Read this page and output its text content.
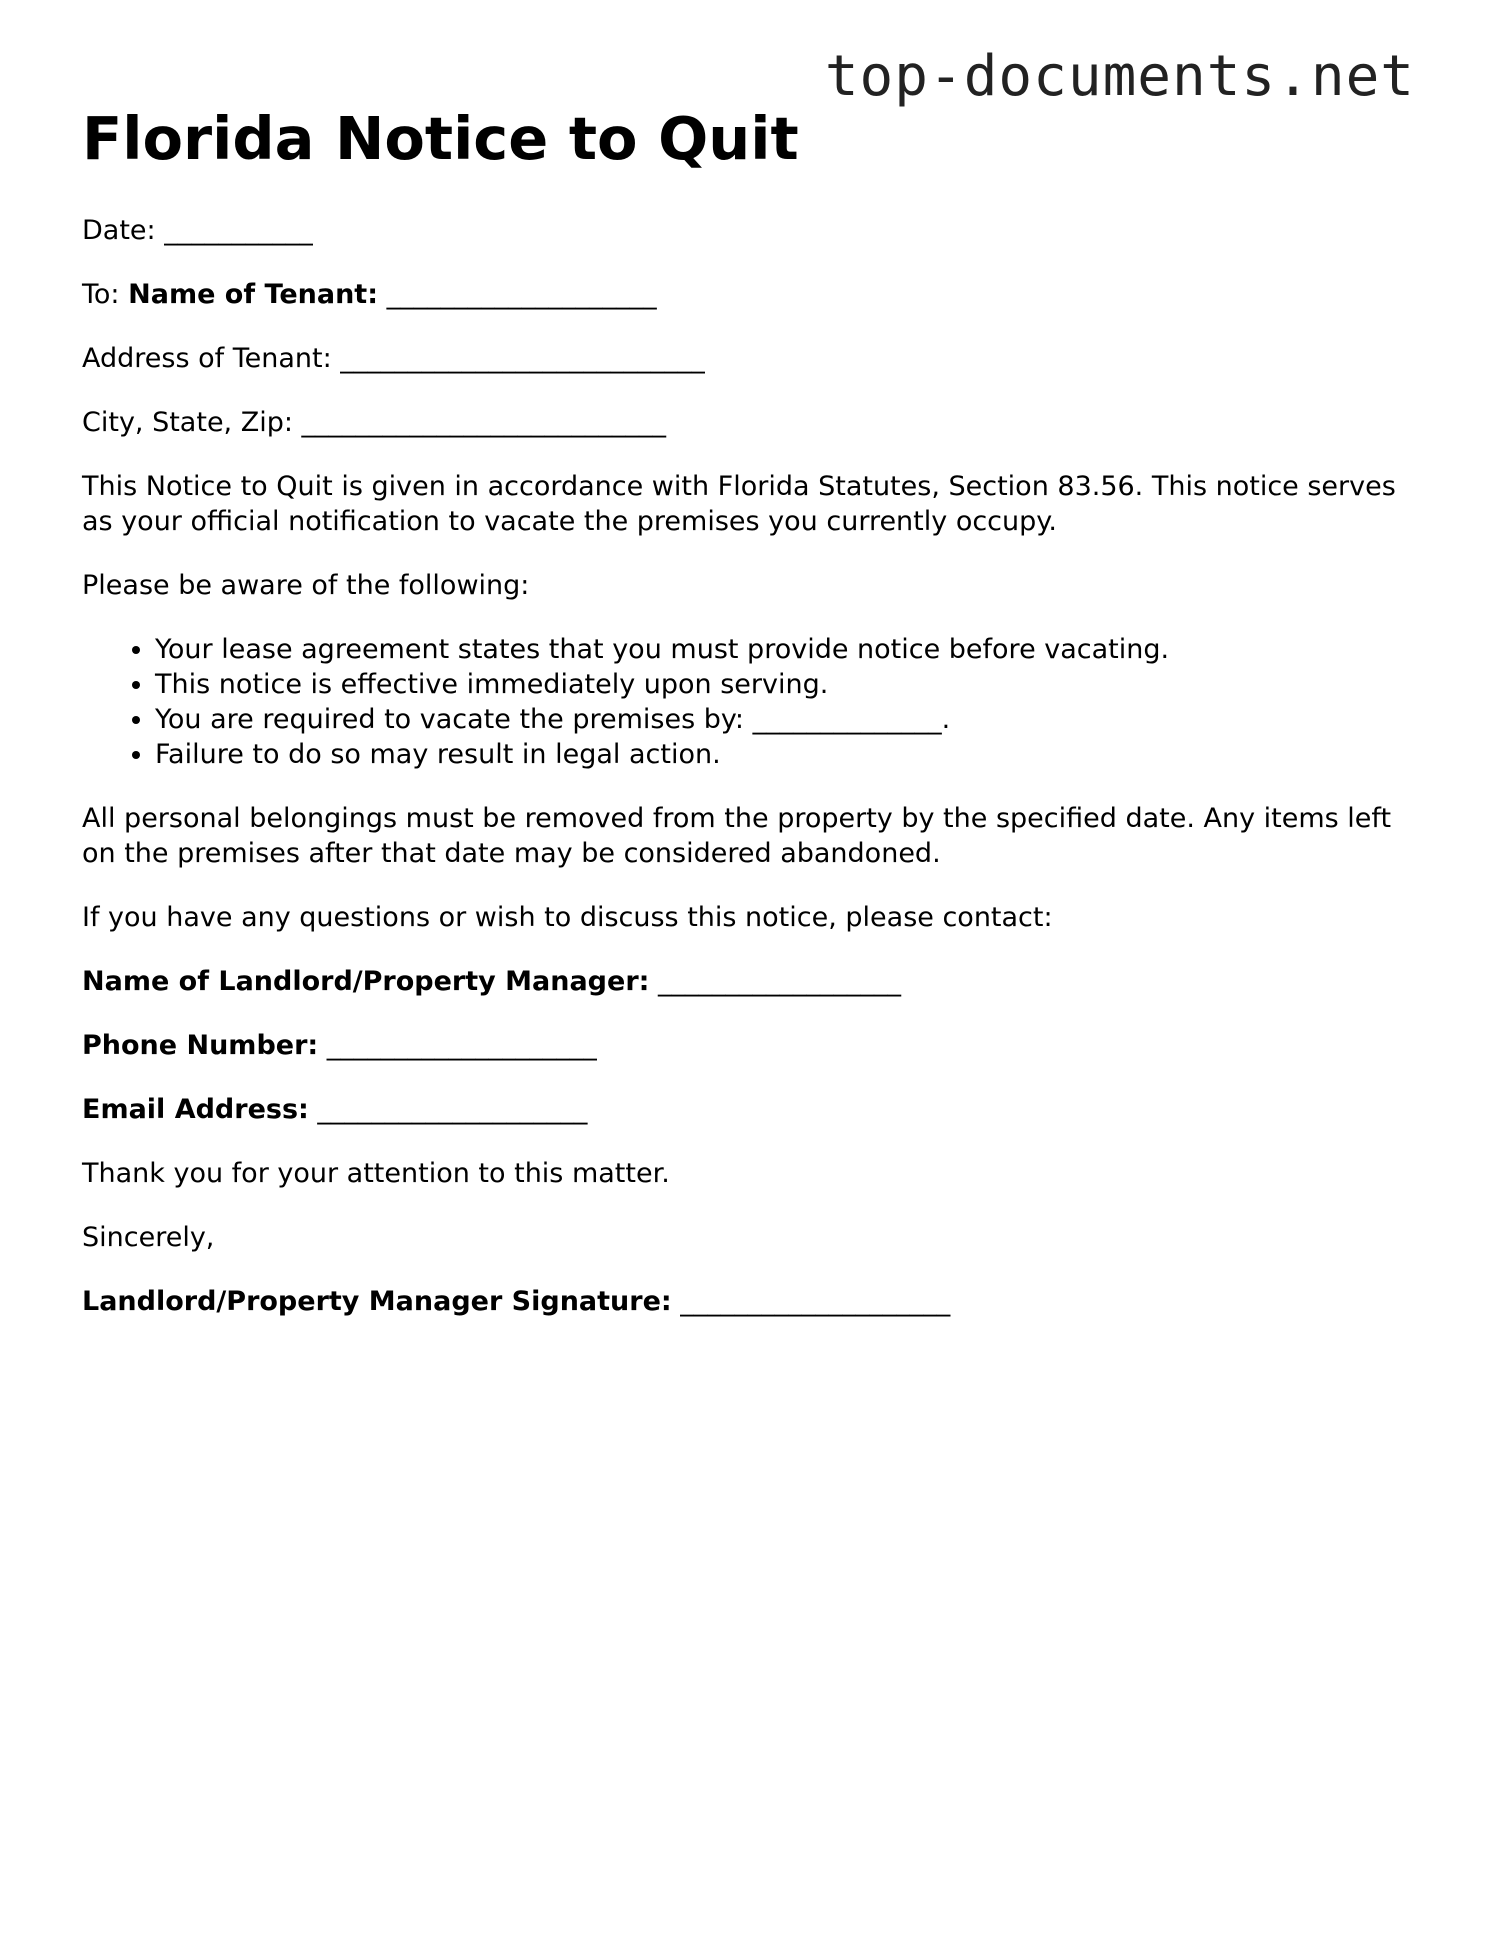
top-documents.net
Florida Notice to Quit

Date: ___________

To: Name of Tenant: ____________________

Address of Tenant: ___________________________

City, State, Zip: ___________________________

This Notice to Quit is given in accordance with Florida Statutes, Section 83.56. This notice serves as your official notification to vacate the premises you currently occupy.

Please be aware of the following:

• Your lease agreement states that you must provide notice before vacating.
• This notice is effective immediately upon serving.
• You are required to vacate the premises by: ______________.
• Failure to do so may result in legal action.

All personal belongings must be removed from the property by the specified date. Any items left on the premises after that date may be considered abandoned.

If you have any questions or wish to discuss this notice, please contact:

Name of Landlord/Property Manager: __________________

Phone Number: ____________________

Email Address: ____________________

Thank you for your attention to this matter.

Sincerely,

Landlord/Property Manager Signature: ____________________
